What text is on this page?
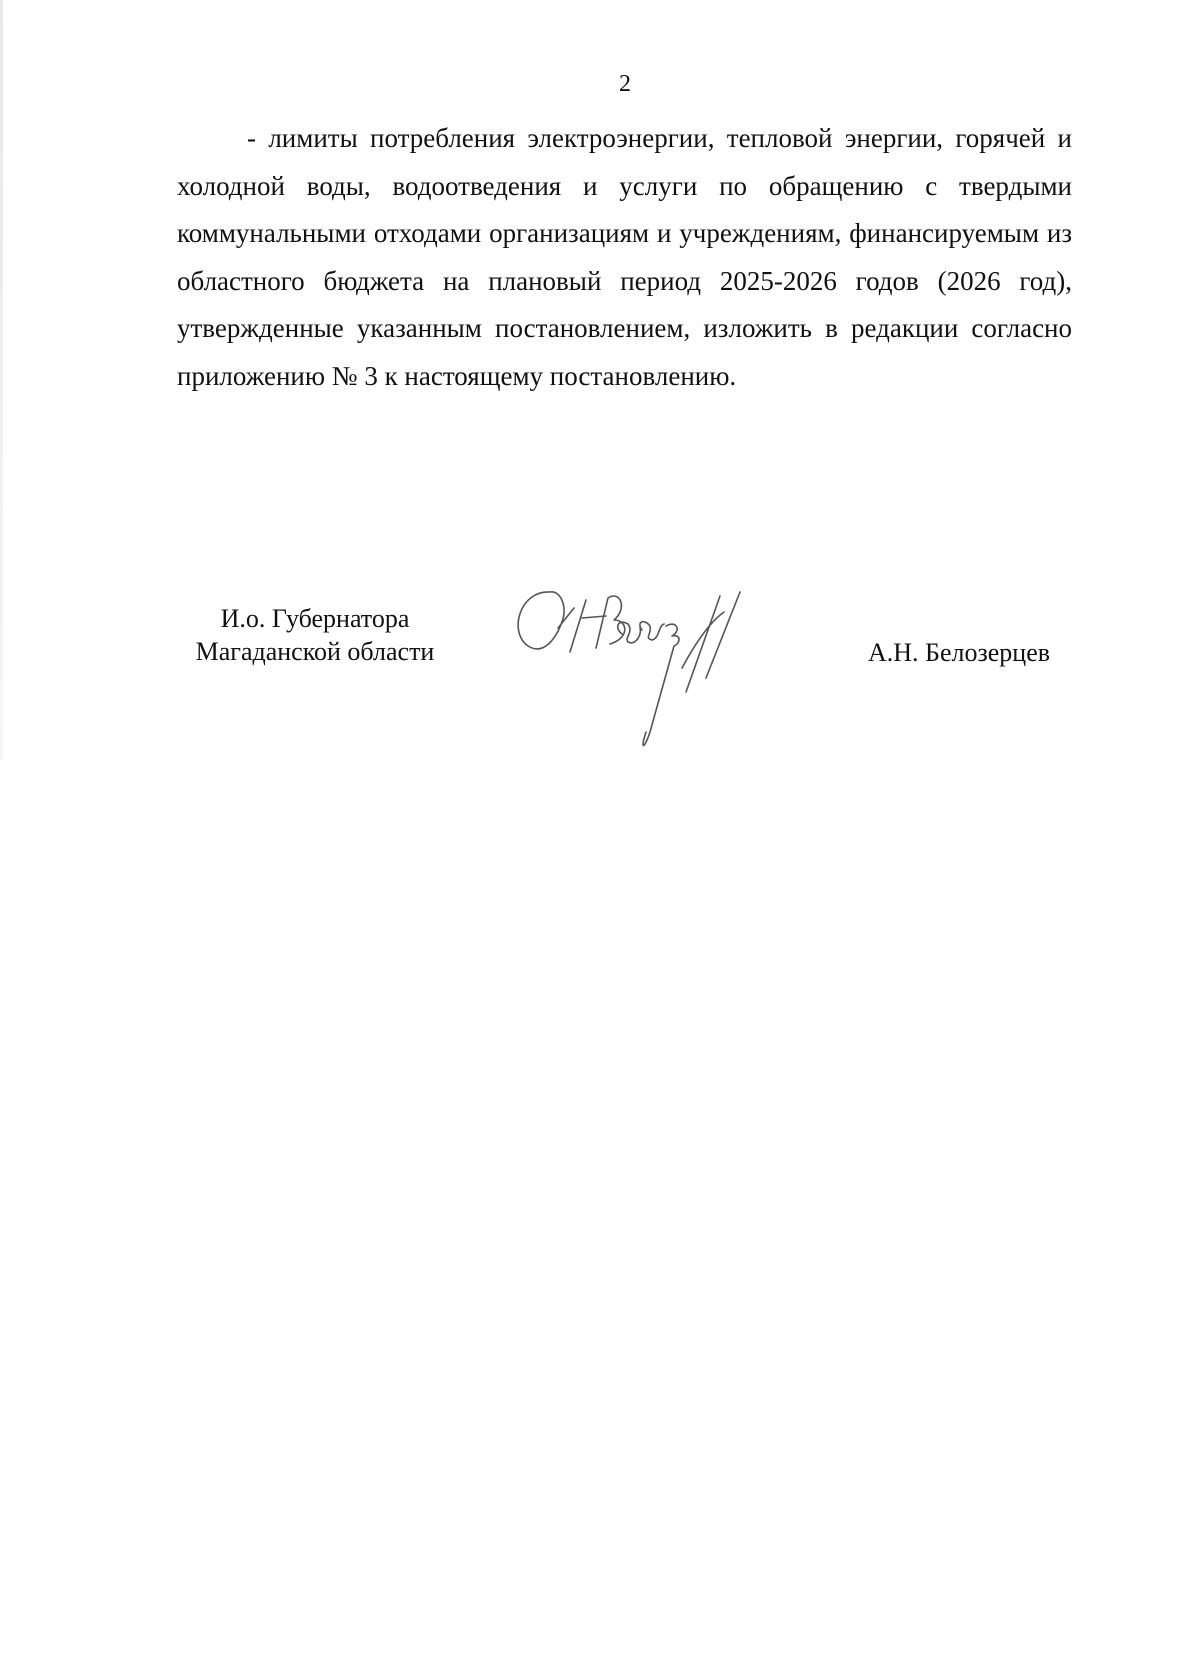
2

- лимиты потребления электроэнергии, тепловой энергии, горячей и холодной воды, водоотведения и услуги по обращению с твердыми коммунальными отходами организациям и учреждениям, финансируемым из областного бюджета на плановый период 2025-2026 годов (2026 год), утвержденные указанным постановлением, изложить в редакции согласно приложению № 3 к настоящему постановлению.

И.о. Губернатора
Магаданской области	А.Н. Белозерцев
